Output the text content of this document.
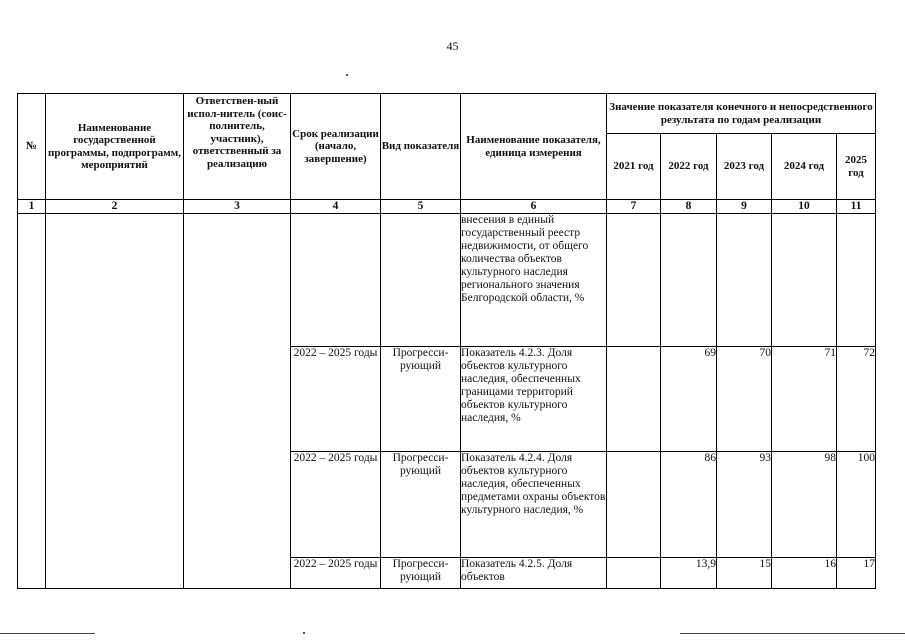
45
№	Наименование государственной программы, подпрограмм, мероприятий	Ответствен-ный испол-нитель (соис-полнитель, участник), ответственный за реализацию	Срок реализации (начало, завершение)	Вид показателя	Наименование показателя, единица измерения	Значение показателя конечного и непосредственного результата по годам реализации				
						2021 год	2022 год	2023 год	2024 год	2025 год
1	2	3	4	5	6	7	8	9	10	11
					внесения в единый государственный реестр недвижимости, от общего количества объектов культурного наследия регионального значения Белгородской области, %					
			2022 – 2025 годы	Прогресси-рующий	Показатель 4.2.3. Доля объектов культурного наследия, обеспеченных границами территорий объектов культурного наследия, %		69	70	71	72
			2022 – 2025 годы	Прогресси-рующий	Показатель 4.2.4. Доля объектов культурного наследия, обеспеченных предметами охраны объектов культурного наследия, %		86	93	98	100
			2022 – 2025 годы	Прогресси-рующий	Показатель 4.2.5. Доля объектов		13,9	15	16	17
